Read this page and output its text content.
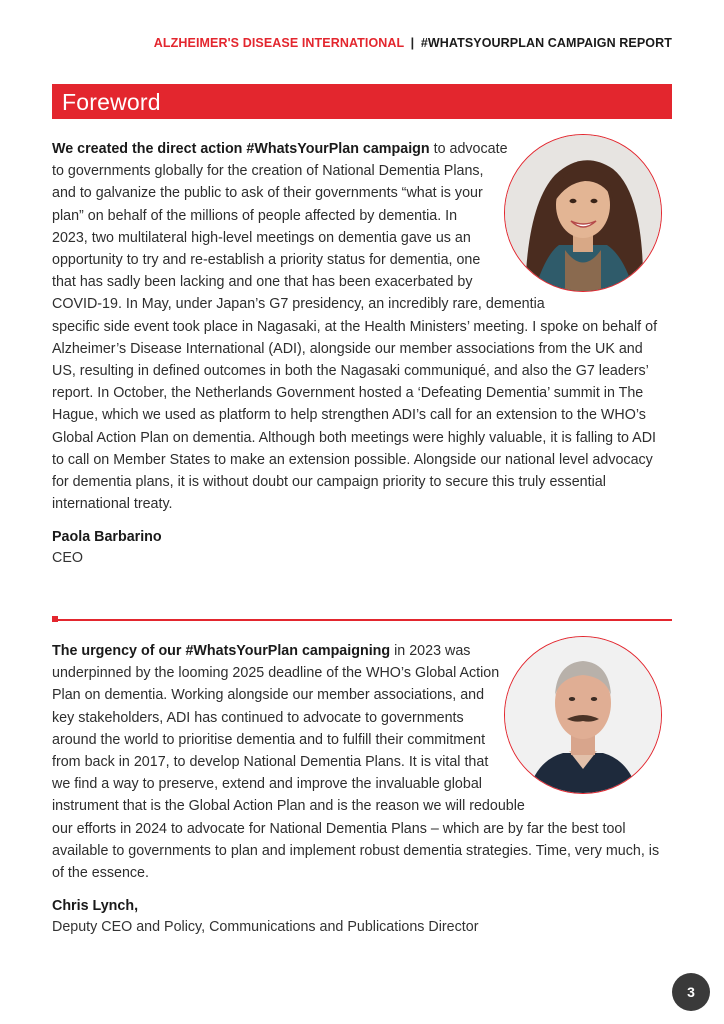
ALZHEIMER'S DISEASE INTERNATIONAL | #WHATSYOURPLAN CAMPAIGN REPORT
Foreword

We created the direct action #WhatsYourPlan campaign to advocate to governments globally for the creation of National Dementia Plans, and to galvanize the public to ask of their governments “what is your plan” on behalf of the millions of people affected by dementia. In 2023, two multilateral high-level meetings on dementia gave us an opportunity to try and re-establish a priority status for dementia, one that has sadly been lacking and one that has been exacerbated by COVID-19. In May, under Japan’s G7 presidency, an incredibly rare, dementia specific side event took place in Nagasaki, at the Health Ministers’ meeting. I spoke on behalf of Alzheimer’s Disease International (ADI), alongside our member associations from the UK and US, resulting in defined outcomes in both the Nagasaki communiqué, and also the G7 leaders’ report. In October, the Netherlands Government hosted a ‘Defeating Dementia’ summit in The Hague, which we used as platform to help strengthen ADI’s call for an extension to the WHO’s Global Action Plan on dementia. Although both meetings were highly valuable, it is falling to ADI to call on Member States to make an extension possible. Alongside our national level advocacy for dementia plans, it is without doubt our campaign priority to secure this truly essential international treaty.

Paola Barbarino

CEO

The urgency of our #WhatsYourPlan campaigning in 2023 was underpinned by the looming 2025 deadline of the WHO’s Global Action Plan on dementia. Working alongside our member associations, and key stakeholders, ADI has continued to advocate to governments around the world to prioritise dementia and to fulfill their commitment from back in 2017, to develop National Dementia Plans. It is vital that we find a way to preserve, extend and improve the invaluable global instrument that is the Global Action Plan and is the reason we will redouble our efforts in 2024 to advocate for National Dementia Plans – which are by far the best tool available to governments to plan and implement robust dementia strategies. Time, very much, is of the essence.

Chris Lynch,

Deputy CEO and Policy, Communications and Publications Director

3
